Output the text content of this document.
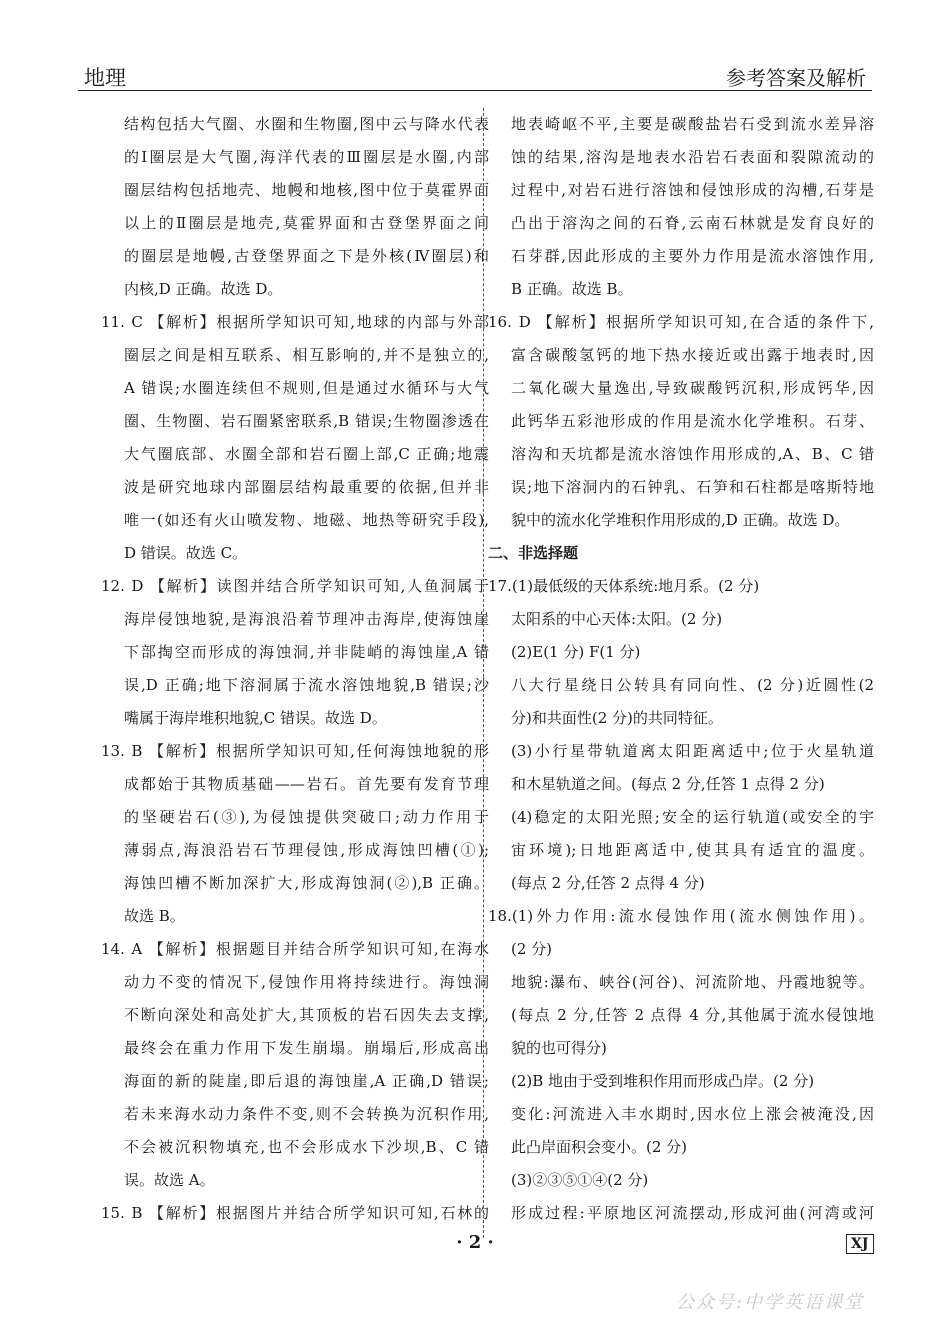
地理	参考答案及解析
结构包括大气圈、水圈和生物圈,图中云与降水代表
的Ⅰ圈层是大气圈,海洋代表的Ⅲ圈层是水圈,内部
圈层结构包括地壳、地幔和地核,图中位于莫霍界面
以上的Ⅱ圈层是地壳,莫霍界面和古登堡界面之间
的圈层是地幔,古登堡界面之下是外核(Ⅳ圈层)和
内核,D 正确。故选 D。
11. C 【解析】根据所学知识可知,地球的内部与外部
圈层之间是相互联系、相互影响的,并不是独立的,
A 错误;水圈连续但不规则,但是通过水循环与大气
圈、生物圈、岩石圈紧密联系,B 错误;生物圈渗透在
大气圈底部、水圈全部和岩石圈上部,C 正确;地震
波是研究地球内部圈层结构最重要的依据,但并非
唯一(如还有火山喷发物、地磁、地热等研究手段),
D 错误。故选 C。
12. D 【解析】读图并结合所学知识可知,人鱼洞属于
海岸侵蚀地貌,是海浪沿着节理冲击海岸,使海蚀崖
下部掏空而形成的海蚀洞,并非陡峭的海蚀崖,A 错
误,D 正确;地下溶洞属于流水溶蚀地貌,B 错误;沙
嘴属于海岸堆积地貌,C 错误。故选 D。
13. B 【解析】根据所学知识可知,任何海蚀地貌的形
成都始于其物质基础——岩石。首先要有发育节理
的坚硬岩石(③),为侵蚀提供突破口;动力作用于
薄弱点,海浪沿岩石节理侵蚀,形成海蚀凹槽(①);
海蚀凹槽不断加深扩大,形成海蚀洞(②),B 正确。
故选 B。
14. A 【解析】根据题目并结合所学知识可知,在海水
动力不变的情况下,侵蚀作用将持续进行。海蚀洞
不断向深处和高处扩大,其顶板的岩石因失去支撑,
最终会在重力作用下发生崩塌。崩塌后,形成高出
海面的新的陡崖,即后退的海蚀崖,A 正确,D 错误;
若未来海水动力条件不变,则不会转换为沉积作用,
不会被沉积物填充,也不会形成水下沙坝,B、C 错
误。故选 A。
15. B 【解析】根据图片并结合所学知识可知,石林的
地表崎岖不平,主要是碳酸盐岩石受到流水差异溶
蚀的结果,溶沟是地表水沿岩石表面和裂隙流动的
过程中,对岩石进行溶蚀和侵蚀形成的沟槽,石芽是
凸出于溶沟之间的石脊,云南石林就是发育良好的
石芽群,因此形成的主要外力作用是流水溶蚀作用,
B 正确。故选 B。
16. D 【解析】根据所学知识可知,在合适的条件下,
富含碳酸氢钙的地下热水接近或出露于地表时,因
二氧化碳大量逸出,导致碳酸钙沉积,形成钙华,因
此钙华五彩池形成的作用是流水化学堆积。石芽、
溶沟和天坑都是流水溶蚀作用形成的,A、B、C 错
误;地下溶洞内的石钟乳、石笋和石柱都是喀斯特地
貌中的流水化学堆积作用形成的,D 正确。故选 D。
二、非选择题
17.(1)最低级的天体系统:地月系。(2 分)
太阳系的中心天体:太阳。(2 分)
(2)E(1 分) F(1 分)
八大行星绕日公转具有同向性、(2 分)近圆性(2
分)和共面性(2 分)的共同特征。
(3)小行星带轨道离太阳距离适中;位于火星轨道
和木星轨道之间。(每点 2 分,任答 1 点得 2 分)
(4)稳定的太阳光照;安全的运行轨道(或安全的宇
宙环境);日地距离适中,使其具有适宜的温度。
(每点 2 分,任答 2 点得 4 分)
18.(1)外力作用:流水侵蚀作用(流水侧蚀作用)。
(2 分)
地貌:瀑布、峡谷(河谷)、河流阶地、丹霞地貌等。
(每点 2 分,任答 2 点得 4 分,其他属于流水侵蚀地
貌的也可得分)
(2)B 地由于受到堆积作用而形成凸岸。(2 分)
变化:河流进入丰水期时,因水位上涨会被淹没,因
此凸岸面积会变小。(2 分)
(3)②③⑤①④(2 分)
形成过程:平原地区河流摆动,形成河曲(河湾或河
· 2 ·	XJ
公众号:中学英语课堂
